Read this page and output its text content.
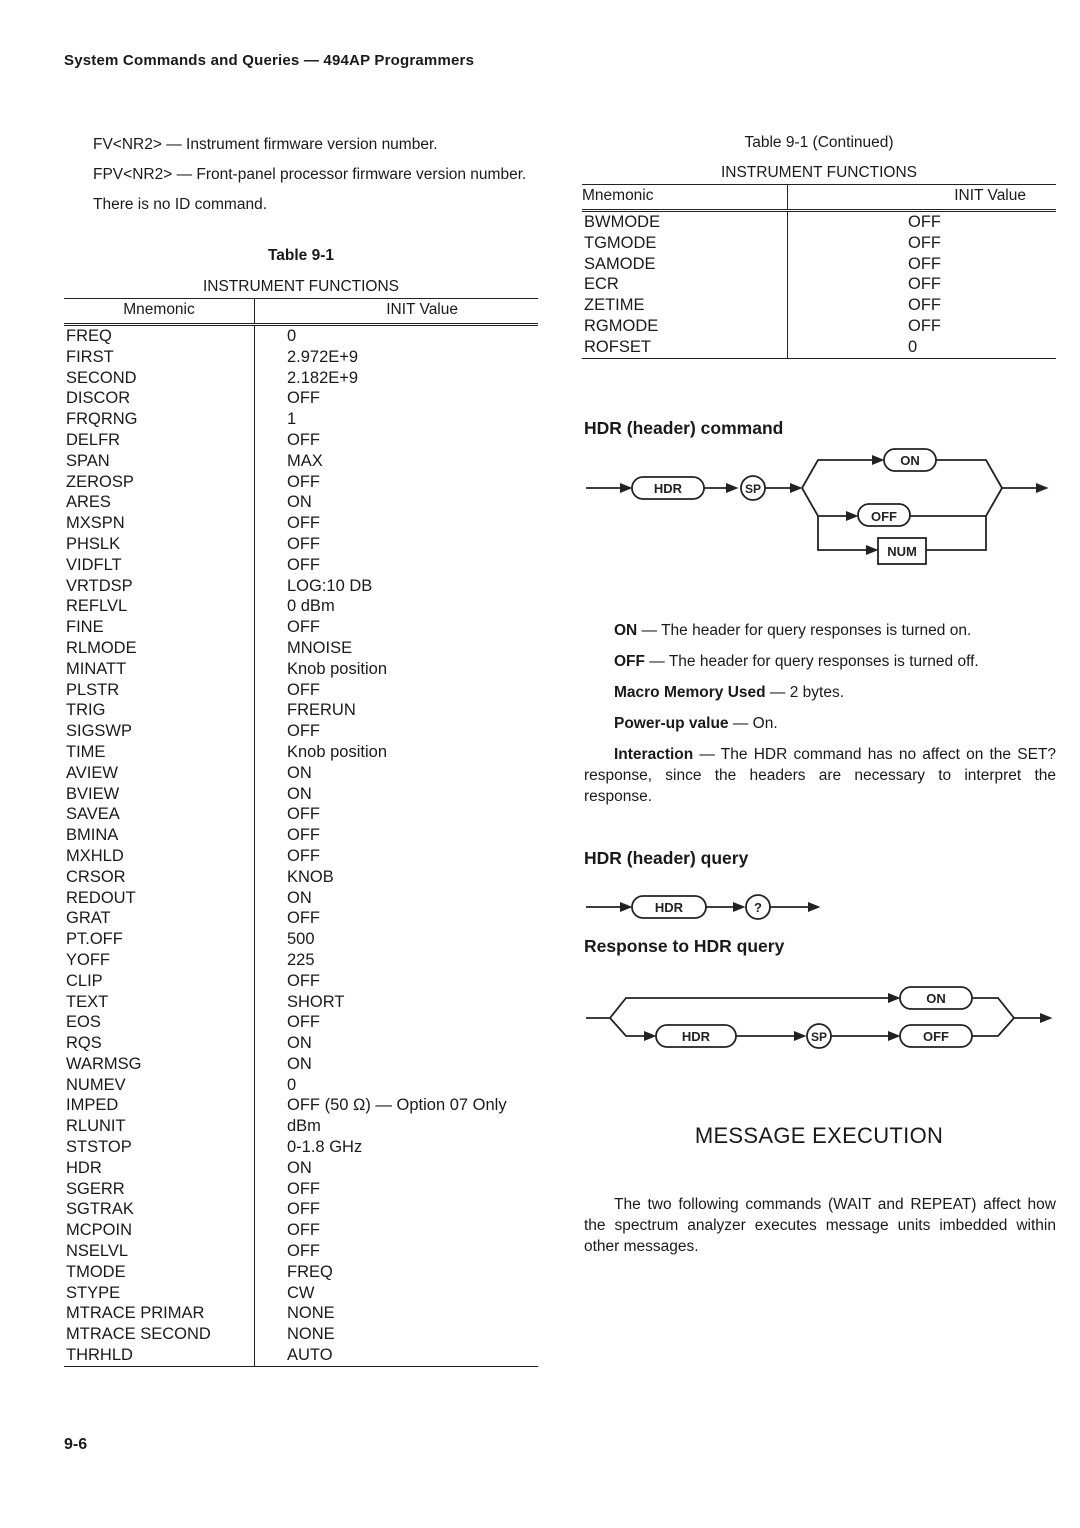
System Commands and Queries — 494AP Programmers
FV<NR2> — Instrument firmware version number.
FPV<NR2> — Front-panel processor firmware version number.
There is no ID command.
Table 9-1
INSTRUMENT FUNCTIONS
Mnemonic	INIT Value
FREQ	0
FIRST	2.972E+9
SECOND	2.182E+9
DISCOR	OFF
FRQRNG	1
DELFR	OFF
SPAN	MAX
ZEROSP	OFF
ARES	ON
MXSPN	OFF
PHSLK	OFF
VIDFLT	OFF
VRTDSP	LOG:10 DB
REFLVL	0 dBm
FINE	OFF
RLMODE	MNOISE
MINATT	Knob position
PLSTR	OFF
TRIG	FRERUN
SIGSWP	OFF
TIME	Knob position
AVIEW	ON
BVIEW	ON
SAVEA	OFF
BMINA	OFF
MXHLD	OFF
CRSOR	KNOB
REDOUT	ON
GRAT	OFF
PT.OFF	500
YOFF	225
CLIP	OFF
TEXT	SHORT
EOS	OFF
RQS	ON
WARMSG	ON
NUMEV	0
IMPED	OFF (50 Ω) — Option 07 Only
RLUNIT	dBm
STSTOP	0-1.8 GHz
HDR	ON
SGERR	OFF
SGTRAK	OFF
MCPOIN	OFF
NSELVL	OFF
TMODE	FREQ
STYPE	CW
MTRACE PRIMAR	NONE
MTRACE SECOND	NONE
THRHLD	AUTO
Table 9-1 (Continued)
INSTRUMENT FUNCTIONS
Mnemonic	INIT Value
BWMODE	OFF
TGMODE	OFF
SAMODE	OFF
ECR	OFF
ZETIME	OFF
RGMODE	OFF
ROFSET	0
HDR (header) command
HDR	SP
ON
OFF
NUM
ON — The header for query responses is turned on.
OFF — The header for query responses is turned off.
Macro Memory Used — 2 bytes.
Power-up value — On.
Interaction — The HDR command has no affect on the SET? response, since the headers are necessary to interpret the response.
HDR (header) query
HDR	?
Response to HDR query
ON
HDR	SP	OFF
MESSAGE EXECUTION
The two following commands (WAIT and REPEAT) affect how the spectrum analyzer executes message units imbedded within other messages.
9-6
